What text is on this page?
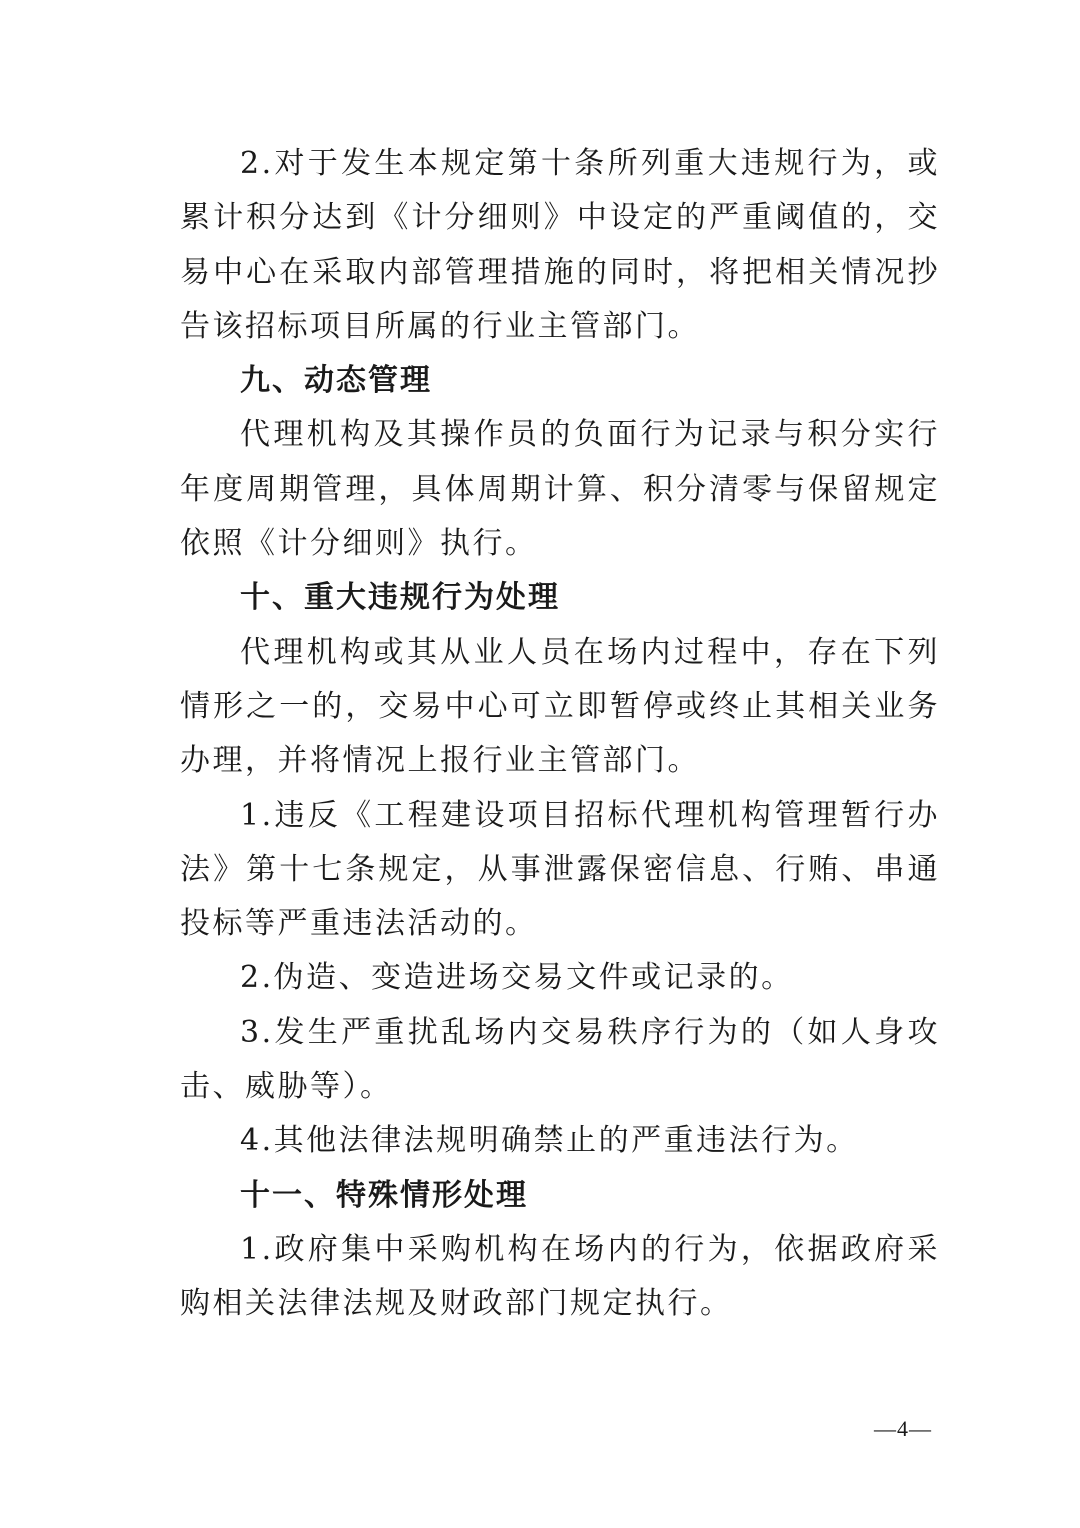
2.对于发生本规定第十条所列重大违规行为，或累计积分达到《计分细则》中设定的严重阈值的，交易中心在采取内部管理措施的同时，将把相关情况抄告该招标项目所属的行业主管部门。

九、动态管理

代理机构及其操作员的负面行为记录与积分实行年度周期管理，具体周期计算、积分清零与保留规定依照《计分细则》执行。

十、重大违规行为处理

代理机构或其从业人员在场内过程中，存在下列情形之一的，交易中心可立即暂停或终止其相关业务办理，并将情况上报行业主管部门。

1.违反《工程建设项目招标代理机构管理暂行办法》第十七条规定，从事泄露保密信息、行贿、串通投标等严重违法活动的。

2.伪造、变造进场交易文件或记录的。

3.发生严重扰乱场内交易秩序行为的（如人身攻击、威胁等）。

4.其他法律法规明确禁止的严重违法行为。

十一、特殊情形处理

1.政府集中采购机构在场内的行为，依据政府采购相关法律法规及财政部门规定执行。

—4—
